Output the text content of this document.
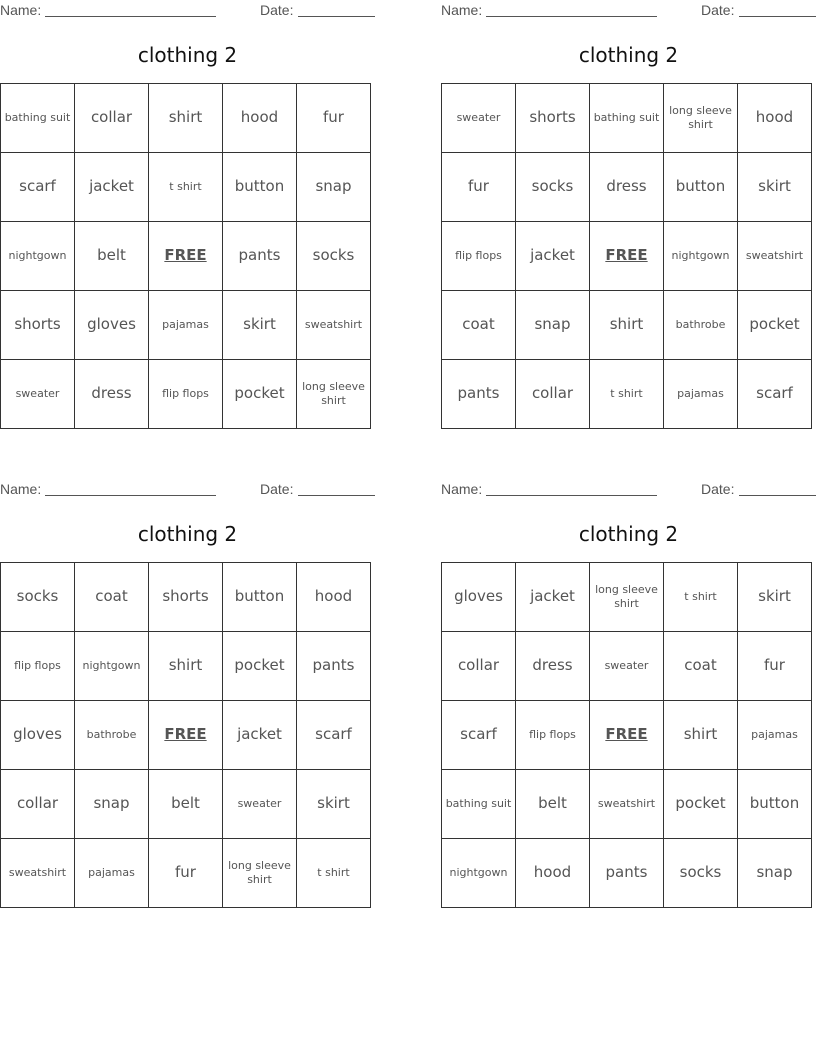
Name:	Date:
clothing 2
bathing suit	collar	shirt	hood	fur
scarf	jacket	t shirt	button	snap
nightgown	belt	FREE	pants	socks
shorts	gloves	pajamas	skirt	sweatshirt
sweater	dress	flip flops	pocket	long sleeve shirt
Name:	Date:
clothing 2
sweater	shorts	bathing suit	long sleeve shirt	hood
fur	socks	dress	button	skirt
flip flops	jacket	FREE	nightgown	sweatshirt
coat	snap	shirt	bathrobe	pocket
pants	collar	t shirt	pajamas	scarf
Name:	Date:
clothing 2
socks	coat	shorts	button	hood
flip flops	nightgown	shirt	pocket	pants
gloves	bathrobe	FREE	jacket	scarf
collar	snap	belt	sweater	skirt
sweatshirt	pajamas	fur	long sleeve shirt	t shirt
Name:	Date:
clothing 2
gloves	jacket	long sleeve shirt	t shirt	skirt
collar	dress	sweater	coat	fur
scarf	flip flops	FREE	shirt	pajamas
bathing suit	belt	sweatshirt	pocket	button
nightgown	hood	pants	socks	snap
